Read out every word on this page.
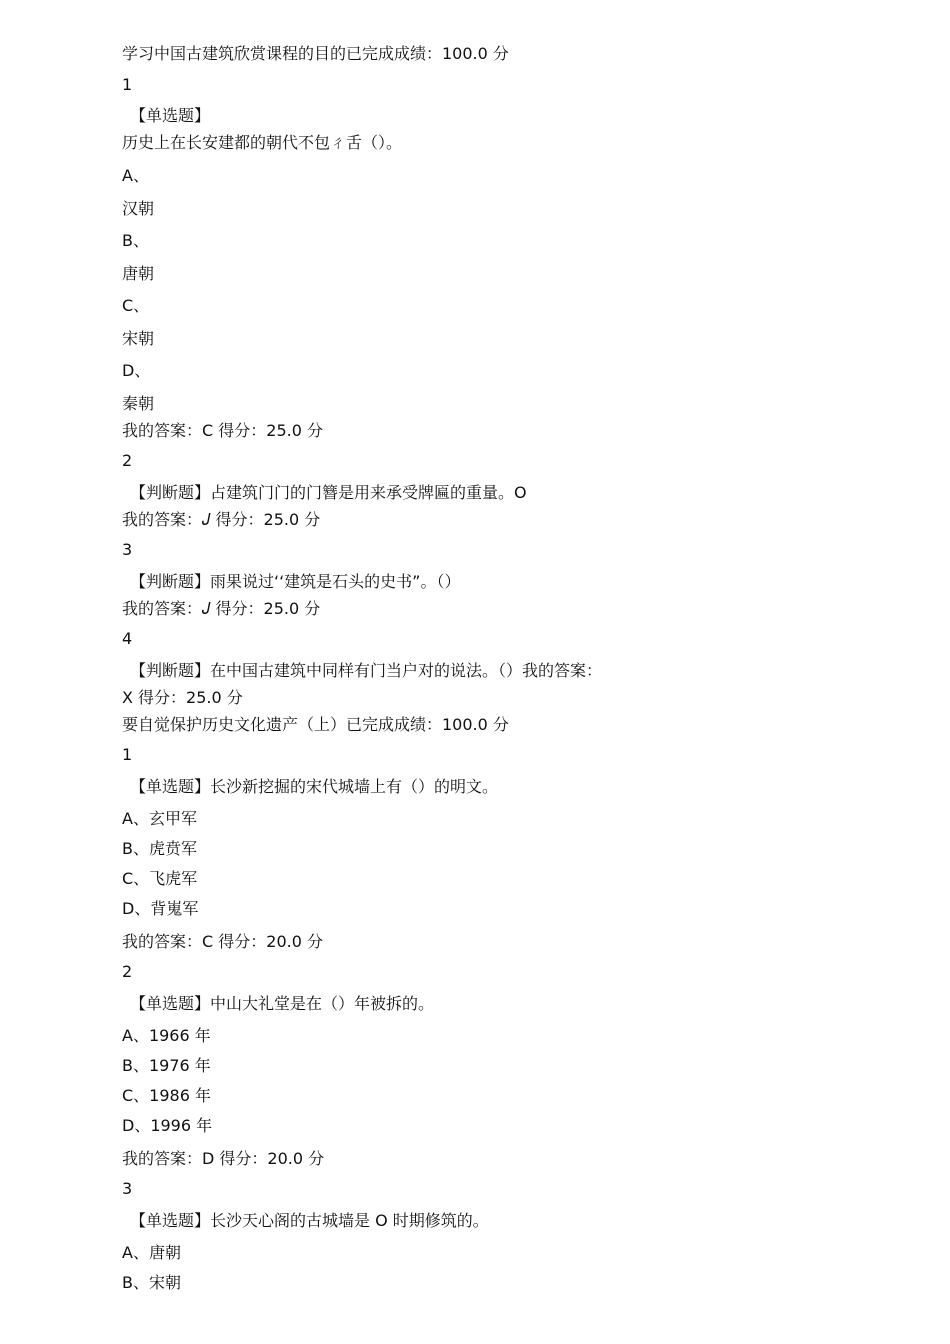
学习中国古建筑欣赏课程的目的已完成成绩：100.0 分
1
【单选题】
历史上在长安建都的朝代不包ㄔ舌（）。
A、
汉朝
B、
唐朝
C、
宋朝
D、
秦朝
我的答案：C 得分：25.0 分
2
【判断题】占建筑门门的门簪是用来承受牌匾的重量。O
我的答案：𝐽 得分：25.0 分
3
【判断题】雨果说过‘‘建筑是石头的史书”。（）
我的答案：𝐽 得分：25.0 分
4
【判断题】在中国古建筑中同样有门当户对的说法。（）我的答案：
X 得分：25.0 分
要自觉保护历史文化遗产（上）已完成成绩：100.0 分
1
【单选题】长沙新挖掘的宋代城墙上有（）的明文。
A、玄甲军
B、虎贲军
C、飞虎军
D、背嵬军
我的答案：C 得分：20.0 分
2
【单选题】中山大礼堂是在（）年被拆的。
A、1966 年
B、1976 年
C、1986 年
D、1996 年
我的答案：D 得分：20.0 分
3
【单选题】长沙天心阁的古城墙是 O 时期修筑的。
A、唐朝
B、宋朝
